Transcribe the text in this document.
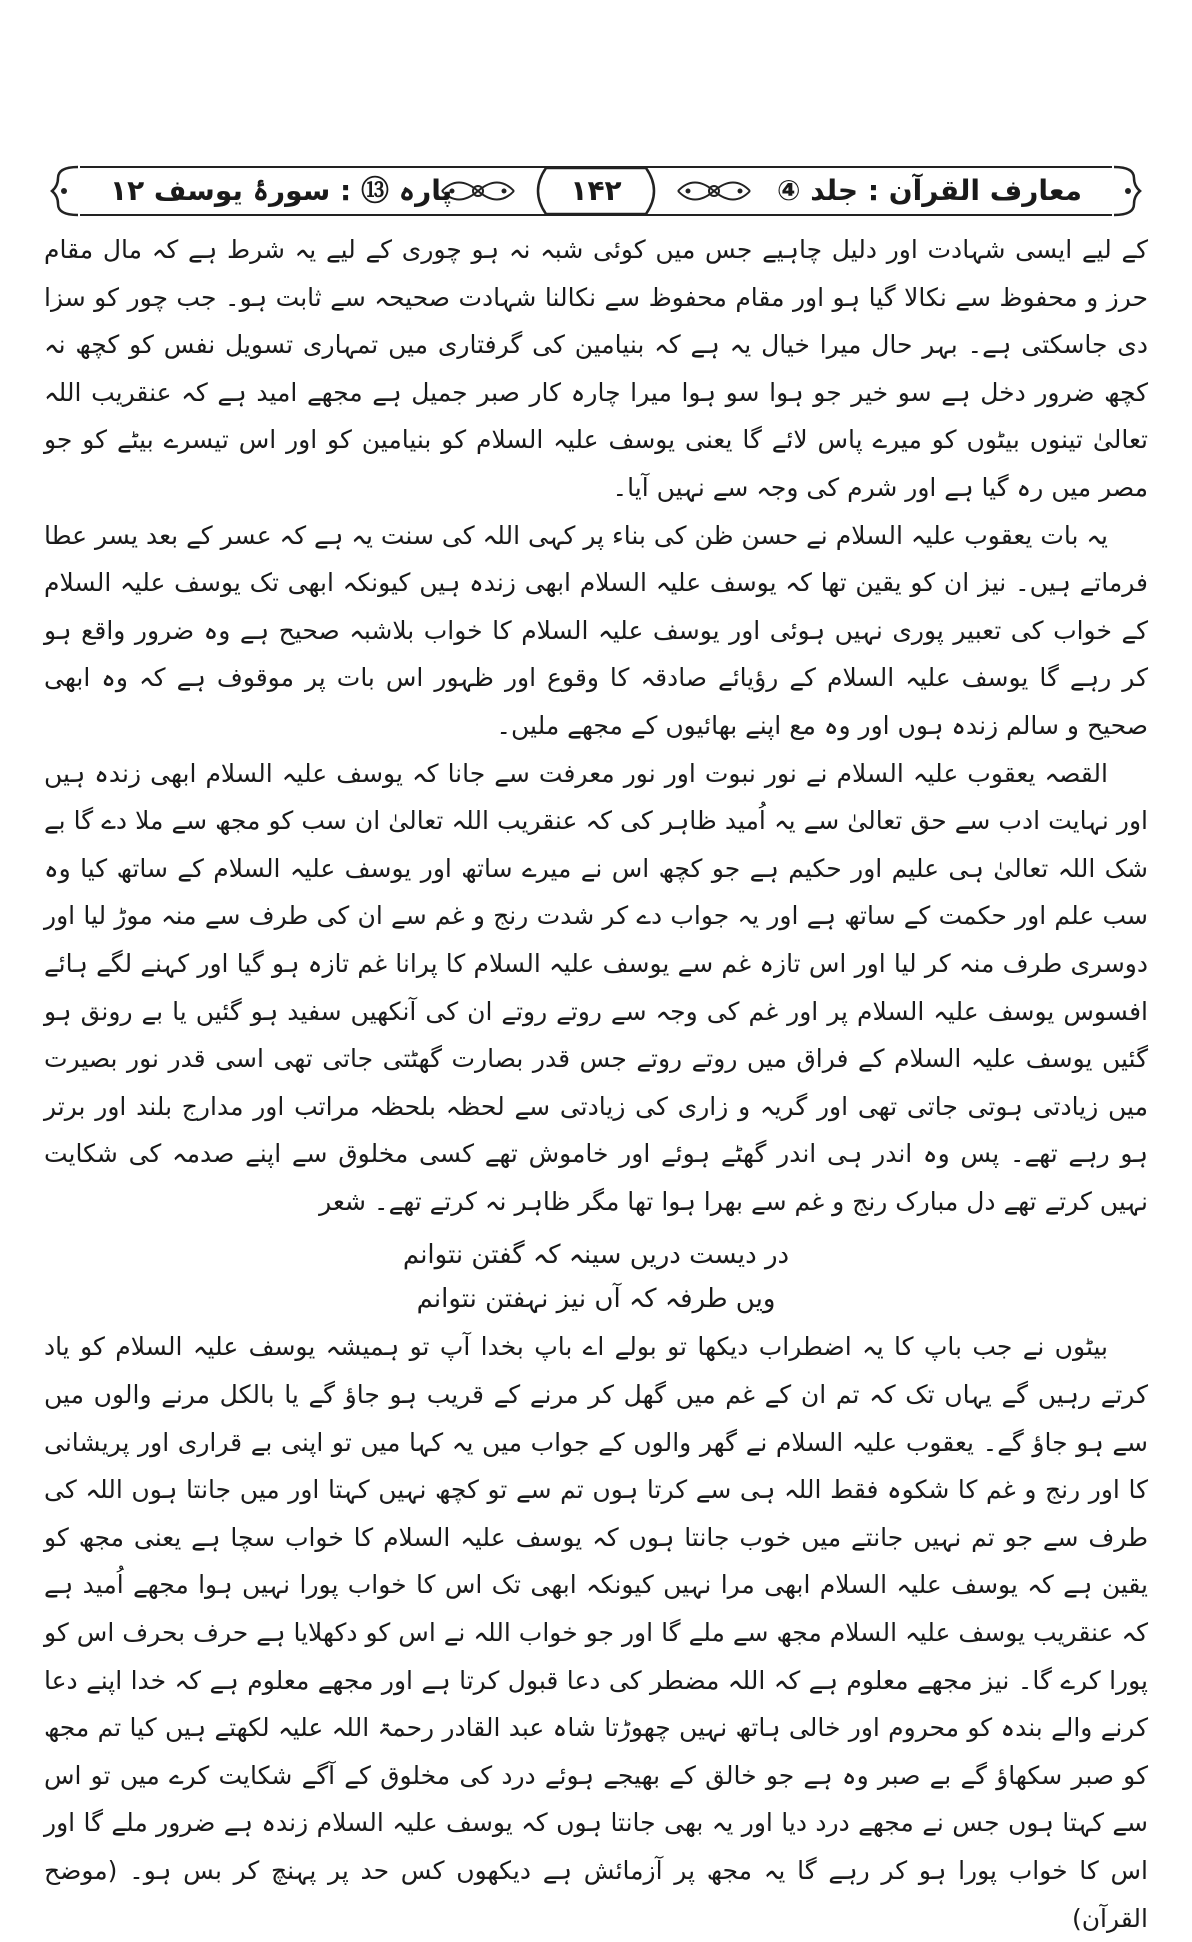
معارف القرآن : جلد ④
۱۴۲
پارہ ⑬ : سورۂ یوسف ۱۲

کے لیے ایسی شہادت اور دلیل چاہیے جس میں کوئی شبہ نہ ہو چوری کے لیے یہ شرط ہے کہ مال مقام حرز و محفوظ سے نکالا گیا ہو اور مقام محفوظ سے نکالنا شہادت صحیحہ سے ثابت ہو۔ جب چور کو سزا دی جاسکتی ہے۔ بہر حال میرا خیال یہ ہے کہ بنیامین کی گرفتاری میں تمہاری تسویل نفس کو کچھ نہ کچھ ضرور دخل ہے سو خیر جو ہوا سو ہوا میرا چارہ کار صبر جمیل ہے مجھے امید ہے کہ عنقریب اللہ تعالیٰ تینوں بیٹوں کو میرے پاس لائے گا یعنی یوسف علیہ السلام کو بنیامین کو اور اس تیسرے بیٹے کو جو مصر میں رہ گیا ہے اور شرم کی وجہ سے نہیں آیا۔

یہ بات یعقوب علیہ السلام نے حسن ظن کی بناء پر کہی اللہ کی سنت یہ ہے کہ عسر کے بعد یسر عطا فرماتے ہیں۔ نیز ان کو یقین تھا کہ یوسف علیہ السلام ابھی زندہ ہیں کیونکہ ابھی تک یوسف علیہ السلام کے خواب کی تعبیر پوری نہیں ہوئی اور یوسف علیہ السلام کا خواب بلاشبہ صحیح ہے وہ ضرور واقع ہو کر رہے گا یوسف علیہ السلام کے رؤیائے صادقہ کا وقوع اور ظہور اس بات پر موقوف ہے کہ وہ ابھی صحیح و سالم زندہ ہوں اور وہ مع اپنے بھائیوں کے مجھے ملیں۔

القصہ یعقوب علیہ السلام نے نور نبوت اور نور معرفت سے جانا کہ یوسف علیہ السلام ابھی زندہ ہیں اور نہایت ادب سے حق تعالیٰ سے یہ اُمید ظاہر کی کہ عنقریب اللہ تعالیٰ ان سب کو مجھ سے ملا دے گا بے شک اللہ تعالیٰ ہی علیم اور حکیم ہے جو کچھ اس نے میرے ساتھ اور یوسف علیہ السلام کے ساتھ کیا وہ سب علم اور حکمت کے ساتھ ہے اور یہ جواب دے کر شدت رنج و غم سے ان کی طرف سے منہ موڑ لیا اور دوسری طرف منہ کر لیا اور اس تازہ غم سے یوسف علیہ السلام کا پرانا غم تازہ ہو گیا اور کہنے لگے ہائے افسوس یوسف علیہ السلام پر اور غم کی وجہ سے روتے روتے ان کی آنکھیں سفید ہو گئیں یا بے رونق ہو گئیں یوسف علیہ السلام کے فراق میں روتے روتے جس قدر بصارت گھٹتی جاتی تھی اسی قدر نور بصیرت میں زیادتی ہوتی جاتی تھی اور گریہ و زاری کی زیادتی سے لحظہ بلحظہ مراتب اور مدارج بلند اور برتر ہو رہے تھے۔ پس وہ اندر ہی اندر گھٹے ہوئے اور خاموش تھے کسی مخلوق سے اپنے صدمہ کی شکایت نہیں کرتے تھے دل مبارک رنج و غم سے بھرا ہوا تھا مگر ظاہر نہ کرتے تھے۔ شعر

در دیست دریں سینہ کہ گفتن نتوانم
ویں طرفہ کہ آں نیز نہفتن نتوانم

بیٹوں نے جب باپ کا یہ اضطراب دیکھا تو بولے اے باپ بخدا آپ تو ہمیشہ یوسف علیہ السلام کو یاد کرتے رہیں گے یہاں تک کہ تم ان کے غم میں گھل کر مرنے کے قریب ہو جاؤ گے یا بالکل مرنے والوں میں سے ہو جاؤ گے۔ یعقوب علیہ السلام نے گھر والوں کے جواب میں یہ کہا میں تو اپنی بے قراری اور پریشانی کا اور رنج و غم کا شکوہ فقط اللہ ہی سے کرتا ہوں تم سے تو کچھ نہیں کہتا اور میں جانتا ہوں اللہ کی طرف سے جو تم نہیں جانتے میں خوب جانتا ہوں کہ یوسف علیہ السلام کا خواب سچا ہے یعنی مجھ کو یقین ہے کہ یوسف علیہ السلام ابھی مرا نہیں کیونکہ ابھی تک اس کا خواب پورا نہیں ہوا مجھے اُمید ہے کہ عنقریب یوسف علیہ السلام مجھ سے ملے گا اور جو خواب اللہ نے اس کو دکھلایا ہے حرف بحرف اس کو پورا کرے گا۔ نیز مجھے معلوم ہے کہ اللہ مضطر کی دعا قبول کرتا ہے اور مجھے معلوم ہے کہ خدا اپنے دعا کرنے والے بندہ کو محروم اور خالی ہاتھ نہیں چھوڑتا شاہ عبد القادر رحمۃ اللہ علیہ لکھتے ہیں کیا تم مجھ کو صبر سکھاؤ گے بے صبر وہ ہے جو خالق کے بھیجے ہوئے درد کی مخلوق کے آگے شکایت کرے میں تو اس سے کہتا ہوں جس نے مجھے درد دیا اور یہ بھی جانتا ہوں کہ یوسف علیہ السلام زندہ ہے ضرور ملے گا اور اس کا خواب پورا ہو کر رہے گا یہ مجھ پر آزمائش ہے دیکھوں کس حد پر پہنچ کر بس ہو۔ (موضح القرآن)
